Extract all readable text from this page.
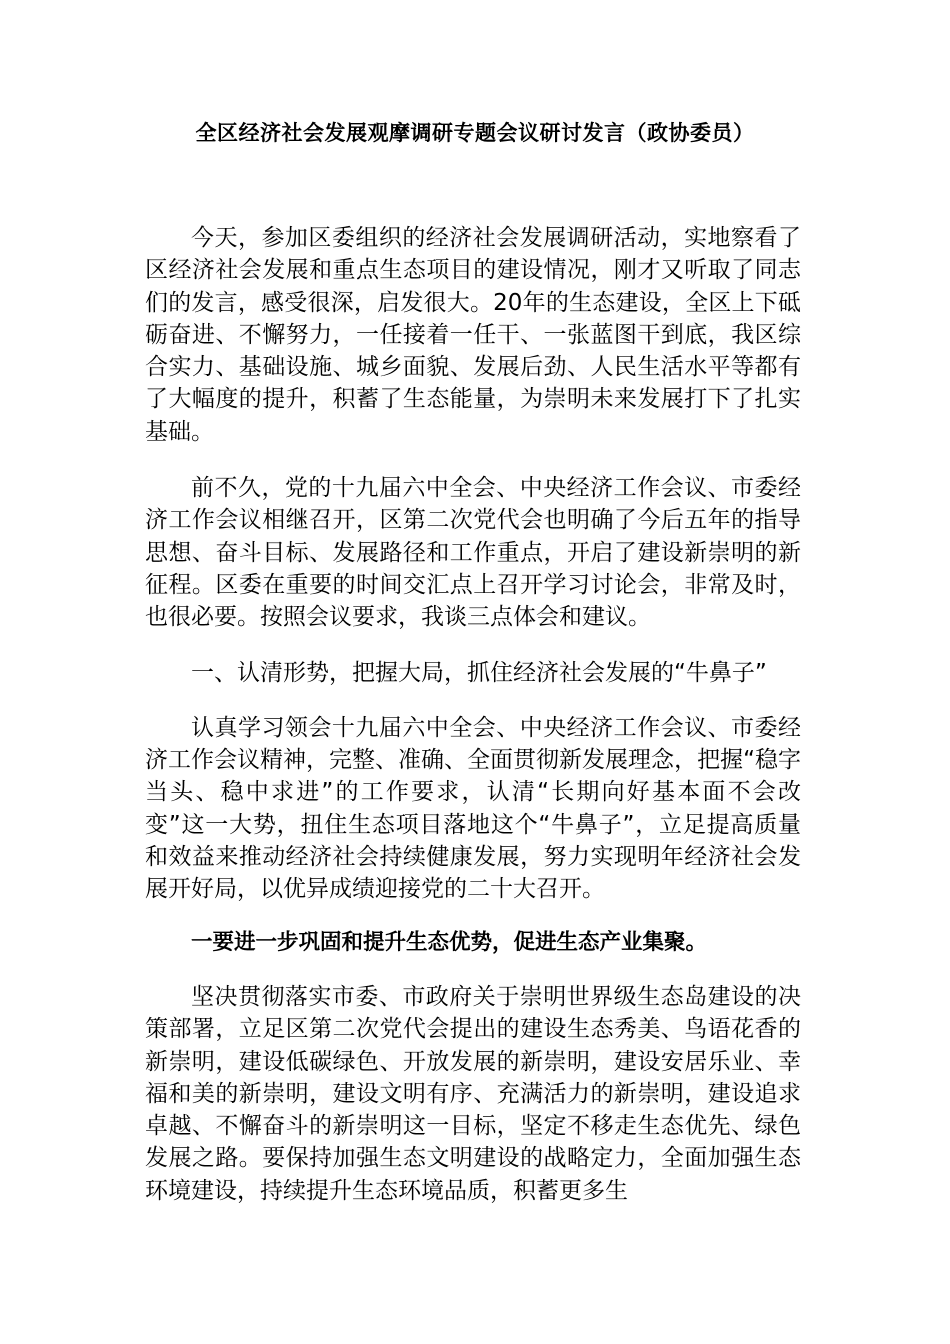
全区经济社会发展观摩调研专题会议研讨发言（政协委员）

今天，参加区委组织的经济社会发展调研活动，实地察看了区经济社会发展和重点生态项目的建设情况，刚才又听取了同志们的发言，感受很深，启发很大。20年的生态建设，全区上下砥砺奋进、不懈努力，一任接着一任干、一张蓝图干到底，我区综合实力、基础设施、城乡面貌、发展后劲、人民生活水平等都有了大幅度的提升，积蓄了生态能量，为崇明未来发展打下了扎实基础。

前不久，党的十九届六中全会、中央经济工作会议、市委经济工作会议相继召开，区第二次党代会也明确了今后五年的指导思想、奋斗目标、发展路径和工作重点，开启了建设新崇明的新征程。区委在重要的时间交汇点上召开学习讨论会，非常及时，也很必要。按照会议要求，我谈三点体会和建议。

一、认清形势，把握大局，抓住经济社会发展的“牛鼻子”

认真学习领会十九届六中全会、中央经济工作会议、市委经济工作会议精神，完整、准确、全面贯彻新发展理念，把握“稳字当头、稳中求进”的工作要求，认清“长期向好基本面不会改变”这一大势，扭住生态项目落地这个“牛鼻子”，立足提高质量和效益来推动经济社会持续健康发展，努力实现明年经济社会发展开好局，以优异成绩迎接党的二十大召开。

一要进一步巩固和提升生态优势，促进生态产业集聚。

坚决贯彻落实市委、市政府关于崇明世界级生态岛建设的决策部署，立足区第二次党代会提出的建设生态秀美、鸟语花香的新崇明，建设低碳绿色、开放发展的新崇明，建设安居乐业、幸福和美的新崇明，建设文明有序、充满活力的新崇明，建设追求卓越、不懈奋斗的新崇明这一目标，坚定不移走生态优先、绿色发展之路。要保持加强生态文明建设的战略定力，全面加强生态环境建设，持续提升生态环境品质，积蓄更多生
